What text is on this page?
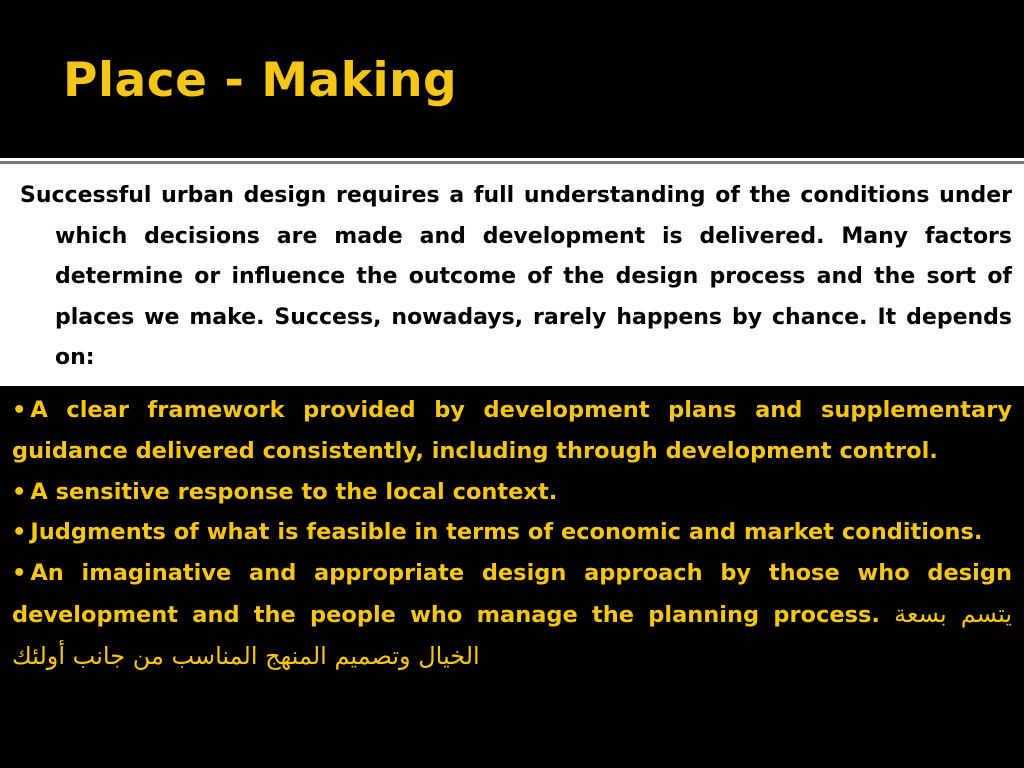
Place - Making

Successful urban design requires a full understanding of the conditions under which decisions are made and development is delivered. Many factors determine or influence the outcome of the design process and the sort of places we make. Success, nowadays, rarely happens by chance. It depends on:

• A clear framework provided by development plans and supplementary guidance delivered consistently, including through development control.

• A sensitive response to the local context.

• Judgments of what is feasible in terms of economic and market conditions.

• An imaginative and appropriate design approach by those who design development and the people who manage the planning process. يتسم بسعة الخيال وتصميم المنهج المناسب من جانب أولئك
